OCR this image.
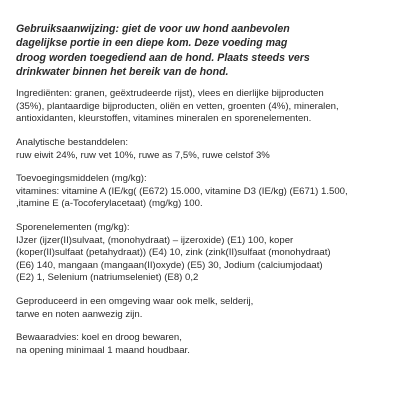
Gebruiksaanwijzing: giet de voor uw hond aanbevolen
dagelijkse portie in een diepe kom. Deze voeding mag
droog worden toegediend aan de hond. Plaats steeds vers
drinkwater binnen het bereik van de hond.

Ingrediënten: granen, geëxtrudeerde rijst), vlees en dierlijke bijproducten
(35%), plantaardige bijproducten, oliën en vetten, groenten (4%), mineralen,
antioxidanten, kleurstoffen, vitamines mineralen en sporenelementen.

Analytische bestanddelen:
ruw eiwit 24%, ruw vet 10%, ruwe as 7,5%, ruwe celstof 3%

Toevoegingsmiddelen (mg/kg):
vitamines: vitamine A (IE/kg( (E672) 15.000, vitamine D3 (IE/kg) (E671) 1.500,
,itamine E (a-Tocoferylacetaat) (mg/kg) 100.

Sporenelementen (mg/kg):
IJzer (ijzer(II)sulvaat, (monohydraat) – ijzeroxide) (E1) 100, koper
(koper(II)sulfaat (petahydraat)) (E4) 10, zink (zink(II)sulfaat (monohydraat)
(E6) 140, mangaan (mangaan(II)oxyde) (E5) 30, Jodium (calciumjodaat)
(E2) 1, Selenium (natriumseleniet) (E8) 0,2

Geproduceerd in een omgeving waar ook melk, selderij,
tarwe en noten aanwezig zijn.

Bewaaradvies: koel en droog bewaren,
na opening minimaal 1 maand houdbaar.
